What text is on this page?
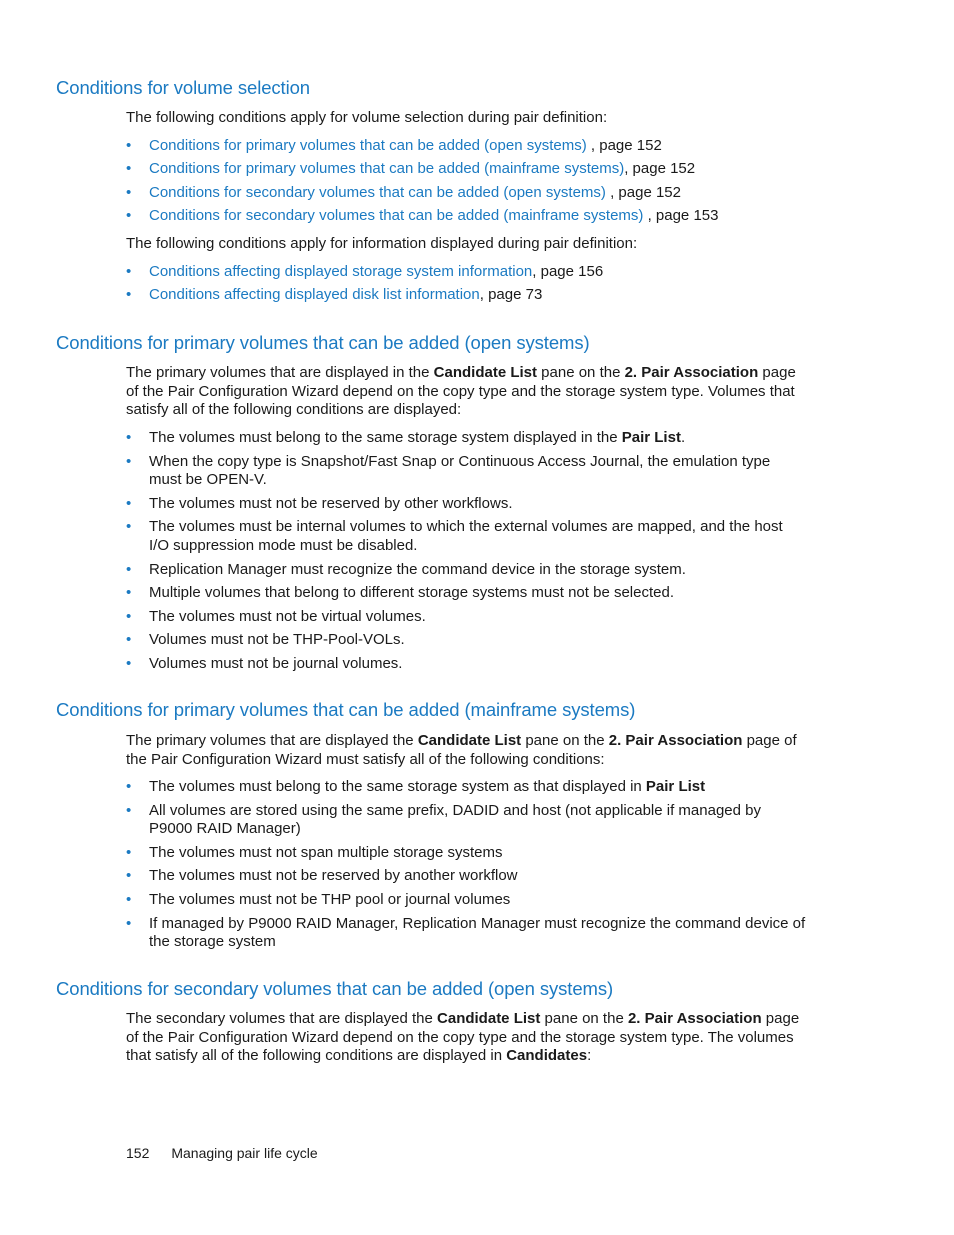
Conditions for volume selection

The following conditions apply for volume selection during pair definition:

• Conditions for primary volumes that can be added (open systems) , page 152
• Conditions for primary volumes that can be added (mainframe systems), page 152
• Conditions for secondary volumes that can be added (open systems) , page 152
• Conditions for secondary volumes that can be added (mainframe systems) , page 153

The following conditions apply for information displayed during pair definition:

• Conditions affecting displayed storage system information, page 156
• Conditions affecting displayed disk list information, page 73
Conditions for primary volumes that can be added (open systems)

The primary volumes that are displayed in the Candidate List pane on the 2. Pair Association page of the Pair Configuration Wizard depend on the copy type and the storage system type. Volumes that satisfy all of the following conditions are displayed:

• The volumes must belong to the same storage system displayed in the Pair List.
• When the copy type is Snapshot/Fast Snap or Continuous Access Journal, the emulation type must be OPEN-V.
• The volumes must not be reserved by other workflows.
• The volumes must be internal volumes to which the external volumes are mapped, and the host I/O suppression mode must be disabled.
• Replication Manager must recognize the command device in the storage system.
• Multiple volumes that belong to different storage systems must not be selected.
• The volumes must not be virtual volumes.
• Volumes must not be THP-Pool-VOLs.
• Volumes must not be journal volumes.
Conditions for primary volumes that can be added (mainframe systems)

The primary volumes that are displayed the Candidate List pane on the 2. Pair Association page of the Pair Configuration Wizard must satisfy all of the following conditions:

• The volumes must belong to the same storage system as that displayed in Pair List
• All volumes are stored using the same prefix, DADID and host (not applicable if managed by P9000 RAID Manager)
• The volumes must not span multiple storage systems
• The volumes must not be reserved by another workflow
• The volumes must not be THP pool or journal volumes
• If managed by P9000 RAID Manager, Replication Manager must recognize the command device of the storage system
Conditions for secondary volumes that can be added (open systems)

The secondary volumes that are displayed the Candidate List pane on the 2. Pair Association page of the Pair Configuration Wizard depend on the copy type and the storage system type. The volumes that satisfy all of the following conditions are displayed in Candidates:

152 Managing pair life cycle
